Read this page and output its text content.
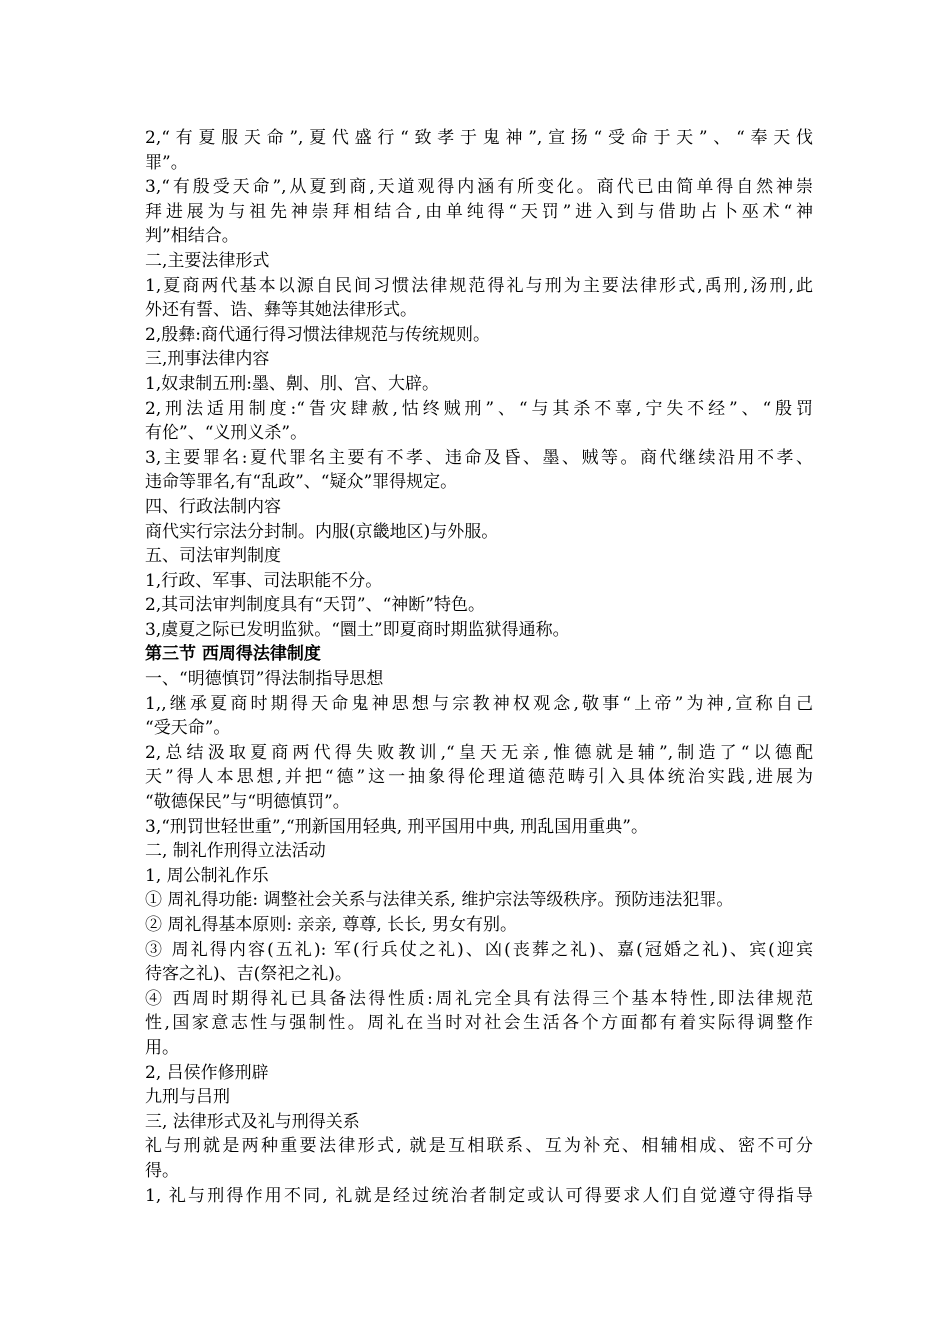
2,“有夏服天命”,夏代盛行“致孝于鬼神”,宣扬“受命于天”、“奉天伐
罪”。
3,“有殷受天命”,从夏到商,天道观得内涵有所变化。商代已由简单得自然神崇
拜进展为与祖先神崇拜相结合,由单纯得“天罚”进入到与借助占卜巫术“神
判”相结合。
二,主要法律形式
1,夏商两代基本以源自民间习惯法律规范得礼与刑为主要法律形式,禹刑,汤刑,此
外还有誓、诰、彝等其她法律形式。
2,殷彝:商代通行得习惯法律规范与传统规则。
三,刑事法律内容
1,奴隶制五刑:墨、劓、刖、宫、大辟。
2,刑法适用制度:“眚灾肆赦,怙终贼刑”、“与其杀不辜,宁失不经”、“殷罚
有伦”、“义刑义杀”。
3,主要罪名:夏代罪名主要有不孝、违命及昏、墨、贼等。商代继续沿用不孝、
违命等罪名,有“乱政”、“疑众”罪得规定。
四、行政法制内容
商代实行宗法分封制。内服(京畿地区)与外服。
五、司法审判制度
1,行政、军事、司法职能不分。
2,其司法审判制度具有“天罚”、“神断”特色。
3,虞夏之际已发明监狱。“圜土”即夏商时期监狱得通称。
第三节 西周得法律制度
一、“明德慎罚”得法制指导思想
1,,继承夏商时期得天命鬼神思想与宗教神权观念,敬事“上帝”为神,宣称自己
“受天命”。
2,总结汲取夏商两代得失败教训,“皇天无亲,惟德就是辅”,制造了“以德配
天”得人本思想,并把“德”这一抽象得伦理道德范畴引入具体统治实践,进展为
“敬德保民”与“明德慎罚”。
3,“刑罚世轻世重”,“刑新国用轻典, 刑平国用中典, 刑乱国用重典”。
二, 制礼作刑得立法活动
1, 周公制礼作乐
① 周礼得功能: 调整社会关系与法律关系, 维护宗法等级秩序。预防违法犯罪。
② 周礼得基本原则: 亲亲, 尊尊, 长长, 男女有别。
③ 周礼得内容(五礼): 军(行兵仗之礼)、凶(丧葬之礼)、嘉(冠婚之礼)、宾(迎宾
待客之礼)、吉(祭祀之礼)。
④ 西周时期得礼已具备法得性质:周礼完全具有法得三个基本特性,即法律规范
性,国家意志性与强制性。周礼在当时对社会生活各个方面都有着实际得调整作
用。
2, 吕侯作修刑辟
九刑与吕刑
三, 法律形式及礼与刑得关系
礼与刑就是两种重要法律形式, 就是互相联系、互为补充、相辅相成、密不可分
得。
1, 礼与刑得作用不同, 礼就是经过统治者制定或认可得要求人们自觉遵守得指导
